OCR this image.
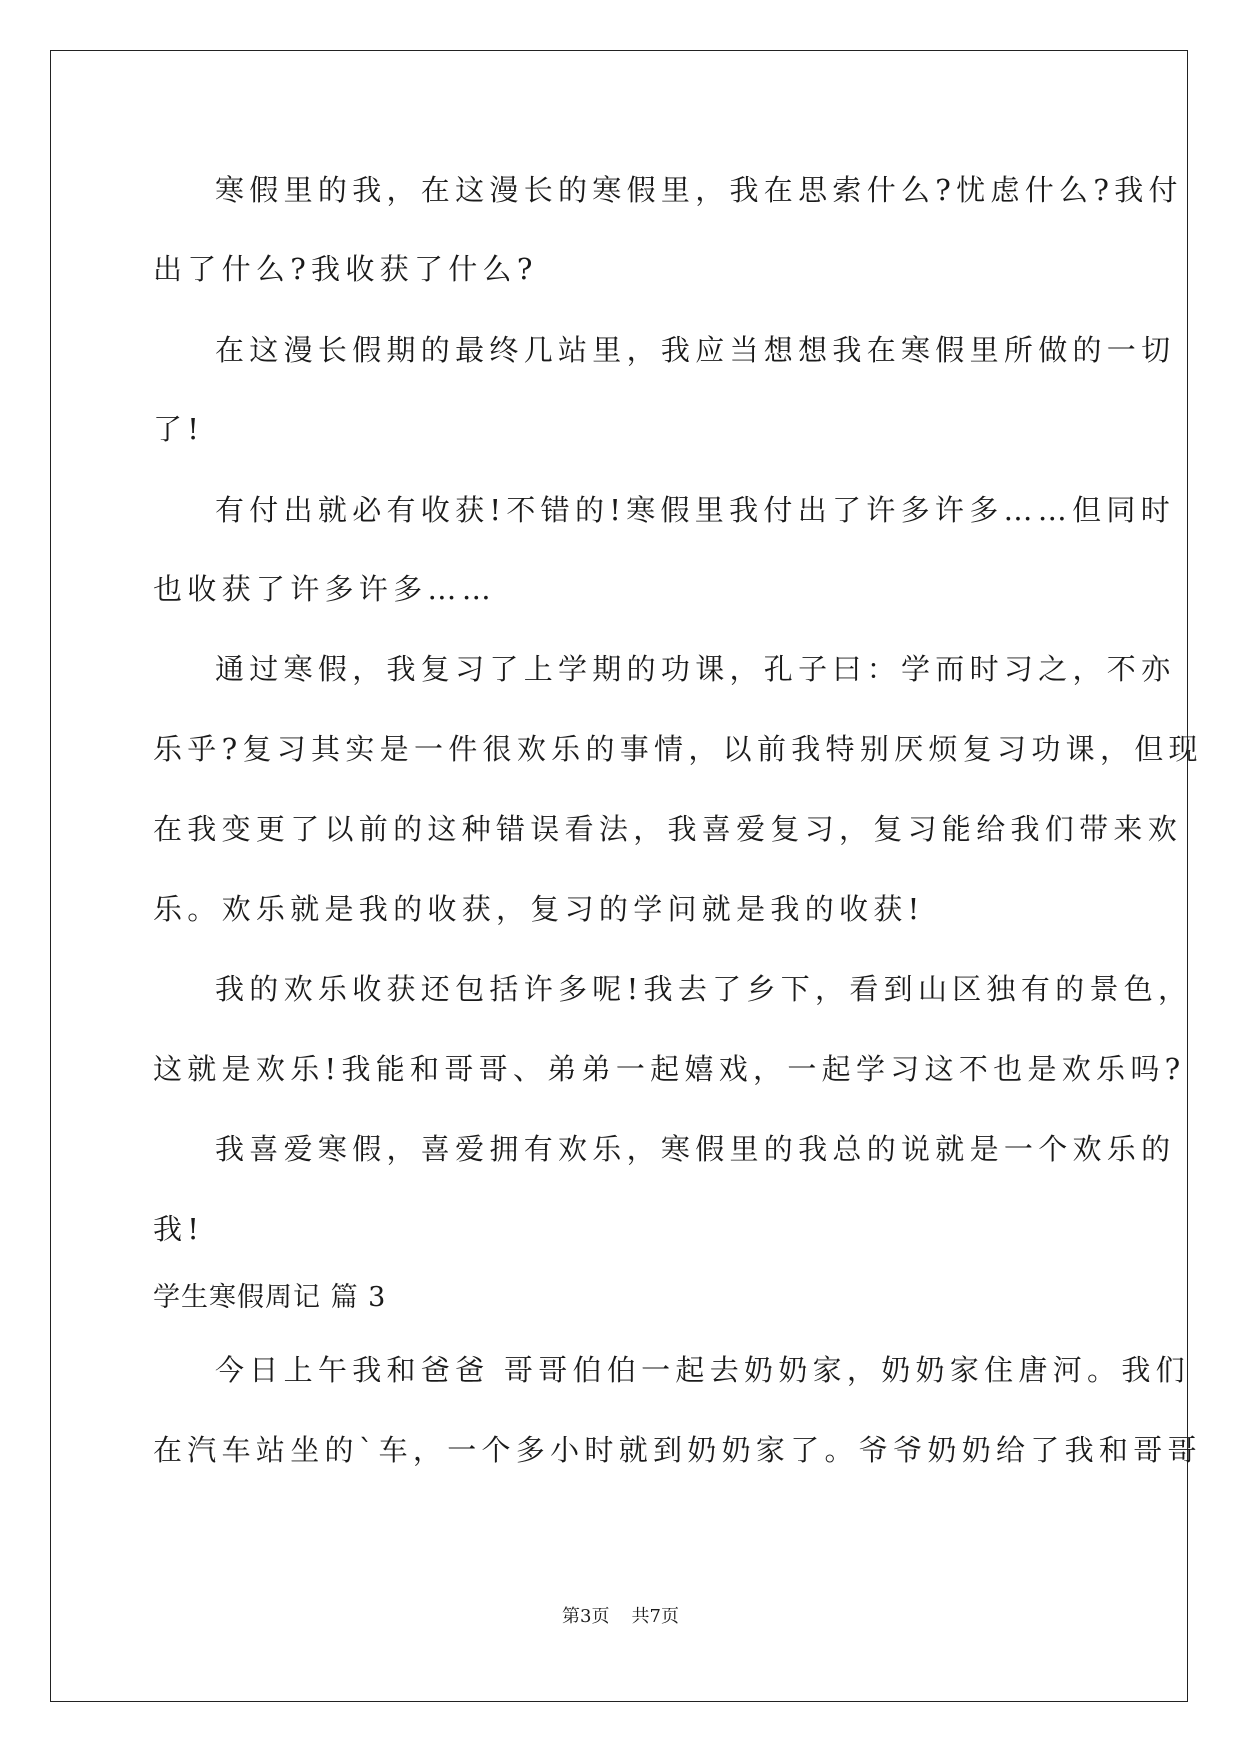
寒假里的我，在这漫长的寒假里，我在思索什么?忧虑什么?我付
出了什么?我收获了什么?
在这漫长假期的最终几站里，我应当想想我在寒假里所做的一切
了!
有付出就必有收获!不错的!寒假里我付出了许多许多……但同时
也收获了许多许多……
通过寒假，我复习了上学期的功课，孔子曰：学而时习之，不亦
乐乎?复习其实是一件很欢乐的事情，以前我特别厌烦复习功课，但现
在我变更了以前的这种错误看法，我喜爱复习，复习能给我们带来欢
乐。欢乐就是我的收获，复习的学问就是我的收获!
我的欢乐收获还包括许多呢!我去了乡下，看到山区独有的景色，
这就是欢乐!我能和哥哥、弟弟一起嬉戏，一起学习这不也是欢乐吗?
我喜爱寒假，喜爱拥有欢乐，寒假里的我总的说就是一个欢乐的
我!
学生寒假周记 篇 3
今日上午我和爸爸 哥哥伯伯一起去奶奶家，奶奶家住唐河。我们
在汽车站坐的`车，一个多小时就到奶奶家了。爷爷奶奶给了我和哥哥
第3页 共7页
